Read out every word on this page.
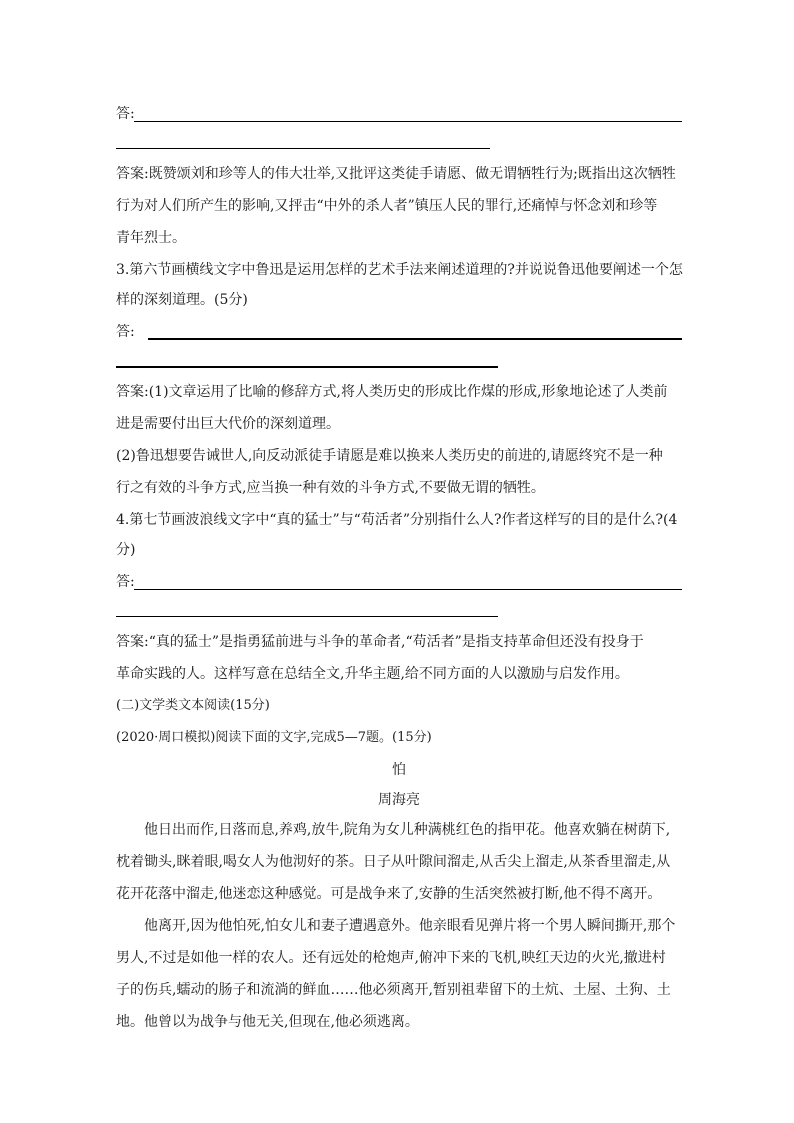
答:
答案:既赞颂刘和珍等人的伟大壮举,又批评这类徒手请愿、做无谓牺牲行为;既指出这次牺牲
行为对人们所产生的影响,又抨击“中外的杀人者”镇压人民的罪行,还痛悼与怀念刘和珍等
青年烈士。
3.第六节画横线文字中鲁迅是运用怎样的艺术手法来阐述道理的?并说说鲁迅他要阐述一个怎
样的深刻道理。(5分)
答:
答案:(1)文章运用了比喻的修辞方式,将人类历史的形成比作煤的形成,形象地论述了人类前
进是需要付出巨大代价的深刻道理。
(2)鲁迅想要告诫世人,向反动派徒手请愿是难以换来人类历史的前进的,请愿终究不是一种
行之有效的斗争方式,应当换一种有效的斗争方式,不要做无谓的牺牲。
4.第七节画波浪线文字中“真的猛士”与“苟活者”分别指什么人?作者这样写的目的是什么?(4
分)
答:
答案:“真的猛士”是指勇猛前进与斗争的革命者,“苟活者”是指支持革命但还没有投身于
革命实践的人。这样写意在总结全文,升华主题,给不同方面的人以激励与启发作用。
(二)文学类文本阅读(15分)
(2020·周口模拟)阅读下面的文字,完成5—7题。(15分)
怕
周海亮
他日出而作,日落而息,养鸡,放牛,院角为女儿种满桃红色的指甲花。他喜欢躺在树荫下,
枕着锄头,眯着眼,喝女人为他沏好的茶。日子从叶隙间溜走,从舌尖上溜走,从茶香里溜走,从
花开花落中溜走,他迷恋这种感觉。可是战争来了,安静的生活突然被打断,他不得不离开。
他离开,因为他怕死,怕女儿和妻子遭遇意外。他亲眼看见弹片将一个男人瞬间撕开,那个
男人,不过是如他一样的农人。还有远处的枪炮声,俯冲下来的飞机,映红天边的火光,撤进村
子的伤兵,蠕动的肠子和流淌的鲜血……他必须离开,暂别祖辈留下的土炕、土屋、土狗、土
地。他曾以为战争与他无关,但现在,他必须逃离。
